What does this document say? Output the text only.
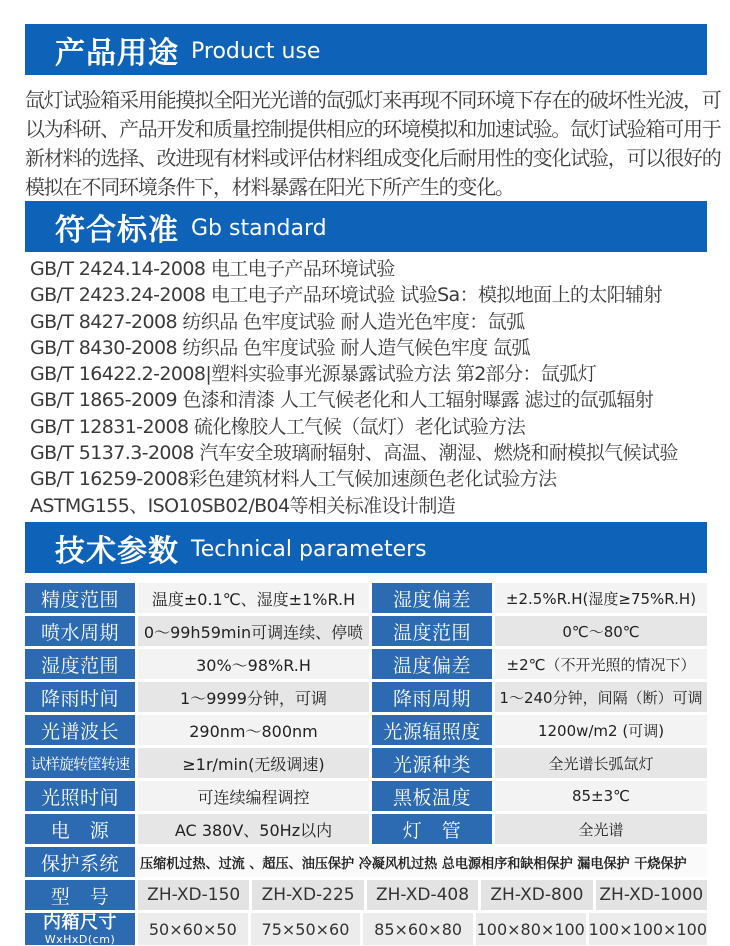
产品用途 Product use
氙灯试验箱采用能摸拟全阳光光谱的氙弧灯来再现不同环境下存在的破坏性光波，可
以为科研、产品开发和质量控制提供相应的环境模拟和加速试验。氙灯试验箱可用于
新材料的选择、改进现有材料或评估材料组成变化后耐用性的变化试验，可以很好的
模拟在不同环境条件下，材料暴露在阳光下所产生的变化。
符合标准 Gb standard
GB/T 2424.14-2008 电工电子产品环境试验
GB/T 2423.24-2008 电工电子产品环境试验 试验Sa：模拟地面上的太阳辅射
GB/T 8427-2008 纺织品 色牢度试验 耐人造光色牢度：氙弧
GB/T 8430-2008 纺织品 色牢度试验 耐人造气候色牢度 氙弧
GB/T 16422.2-2008|塑料实验事光源暴露试验方法 第2部分：氙弧灯
GB/T 1865-2009 色漆和清漆 人工气候老化和人工辐射曝露 滤过的氙弧辐射
GB/T 12831-2008 硫化橡胶人工气候（氙灯）老化试验方法
GB/T 5137.3-2008 汽车安全玻璃耐辐射、高温、潮湿、燃烧和耐模拟气候试验
GB/T 16259-2008彩色建筑材料人工气候加速颜色老化试验方法
ASTMG155、ISO10SB02/B04等相关标准设计制造
技术参数 Technical parameters
精度范围	温度±0.1℃、湿度±1%R.H	湿度偏差	±2.5%R.H(湿度≥75%R.H)
喷水周期	0～99h59min可调连续、停喷	温度范围	0℃～80℃
湿度范围	30%～98%R.H	温度偏差	±2℃（不开光照的情况下）
降雨时间	1～9999分钟，可调	降雨周期	1～240分钟，间隔（断）可调
光谱波长	290nm～800nm	光源辐照度	1200w/m2 (可调)
试样旋转筐转速	≥1r/min(无级调速)	光源种类	全光谱长弧氙灯
光照时间	可连续编程调控	黑板温度	85±3℃
电　源	AC 380V、50Hz以内	灯　管	全光谱
保护系统	压缩机过热、过流 、超压、油压保护 冷凝风机过热 总电源相序和缺相保护 漏电保护 干烧保护
型　号	ZH-XD-150	ZH-XD-225	ZH-XD-408	ZH-XD-800 ZH-XD-1000
内箱尺寸
WxHxD(cm)
50×60×50	75×50×60	85×60×80 100×80×100 100×100×100
